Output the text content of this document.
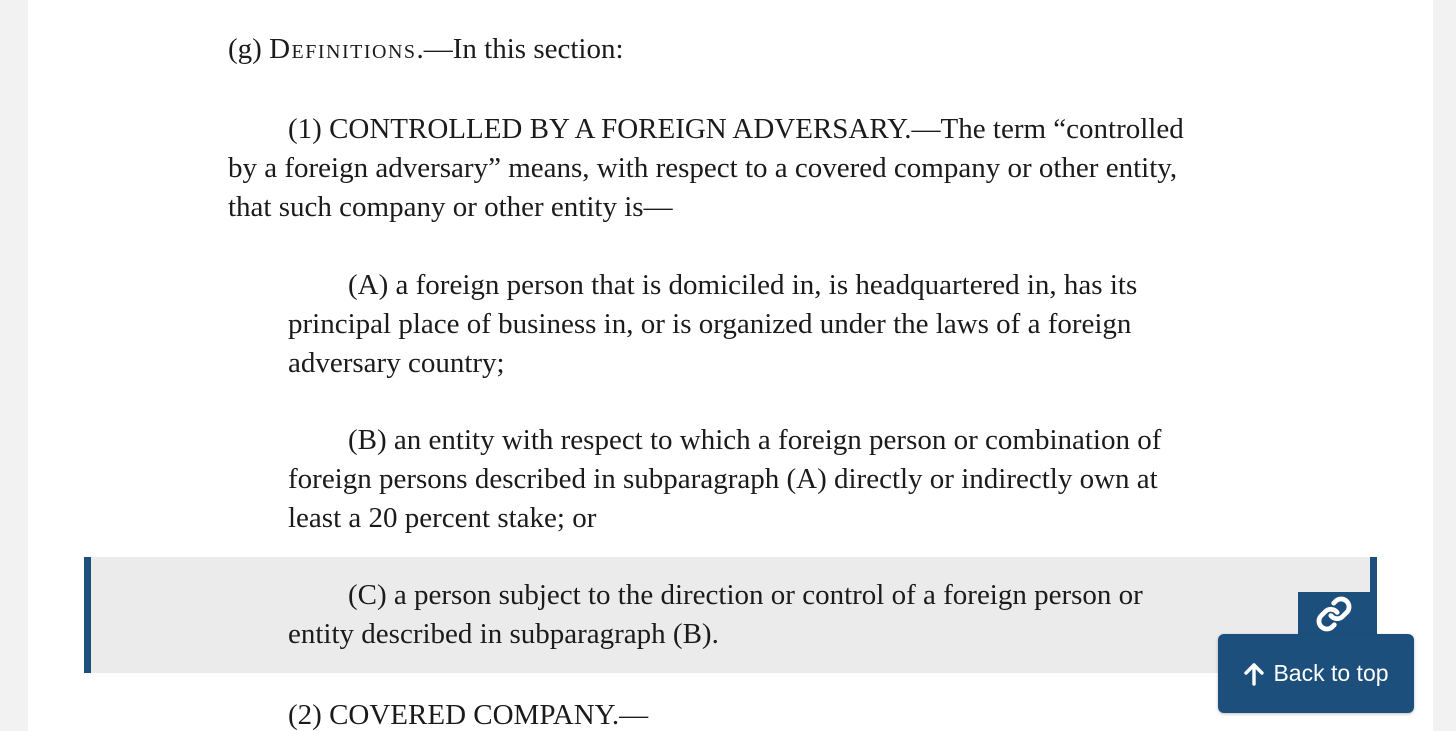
(g) Definitions.—In this section:

(1) CONTROLLED BY A FOREIGN ADVERSARY.—The term “controlled

by a foreign adversary” means, with respect to a covered company or other entity,

that such company or other entity is—

(A) a foreign person that is domiciled in, is headquartered in, has its

principal place of business in, or is organized under the laws of a foreign

adversary country;

(B) an entity with respect to which a foreign person or combination of

foreign persons described in subparagraph (A) directly or indirectly own at

least a 20 percent stake; or

(C) a person subject to the direction or control of a foreign person or

entity described in subparagraph (B).

(2) COVERED COMPANY.—

Back to top
